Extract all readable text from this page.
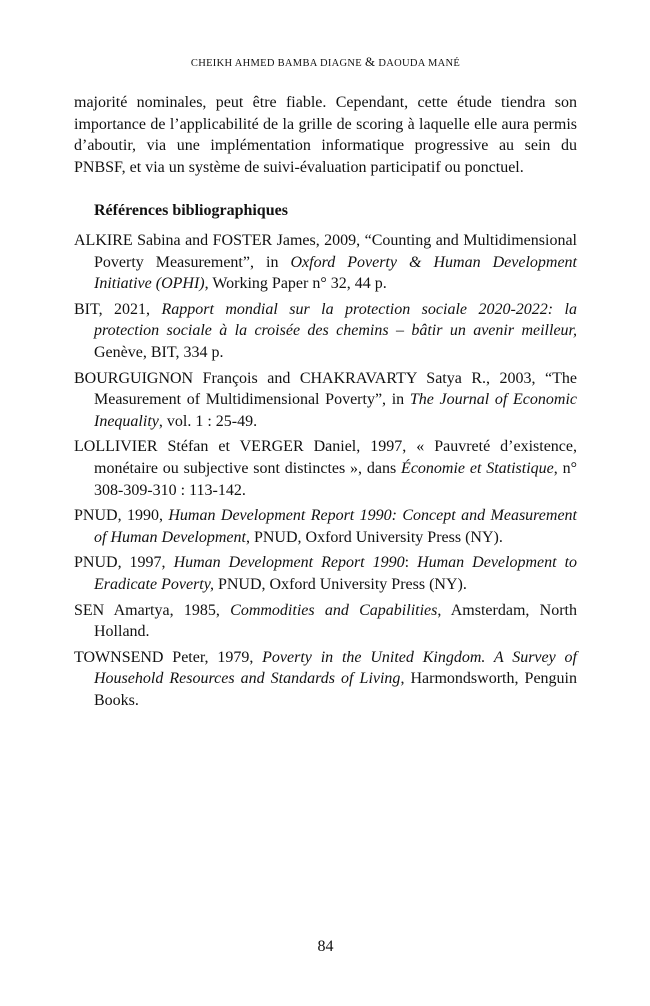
CHEIKH AHMED BAMBA DIAGNE & DAOUDA MANÉ

majorité nominales, peut être fiable. Cependant, cette étude tiendra son importance de l’applicabilité de la grille de scoring à laquelle elle aura permis d’aboutir, via une implémentation informatique progressive au sein du PNBSF, et via un système de suivi-évaluation participatif ou ponctuel.

Références bibliographiques

ALKIRE Sabina and FOSTER James, 2009, “Counting and Multidimensional Poverty Measurement”, in Oxford Poverty & Human Development Initiative (OPHI), Working Paper n° 32, 44 p.
BIT, 2021, Rapport mondial sur la protection sociale 2020-2022: la protection sociale à la croisée des chemins – bâtir un avenir meilleur, Genève, BIT, 334 p.
BOURGUIGNON François and CHAKRAVARTY Satya R., 2003, “The Measurement of Multidimensional Poverty”, in The Journal of Economic Inequality, vol. 1 : 25-49.
LOLLIVIER Stéfan et VERGER Daniel, 1997, « Pauvreté d’existence, monétaire ou subjective sont distinctes », dans Économie et Statistique, n° 308-309-310 : 113-142.
PNUD, 1990, Human Development Report 1990: Concept and Measurement of Human Development, PNUD, Oxford University Press (NY).
PNUD, 1997, Human Development Report 1990: Human Development to Eradicate Poverty, PNUD, Oxford University Press (NY).
SEN Amartya, 1985, Commodities and Capabilities, Amsterdam, North Holland.
TOWNSEND Peter, 1979, Poverty in the United Kingdom. A Survey of Household Resources and Standards of Living, Harmondsworth, Penguin Books.
84
